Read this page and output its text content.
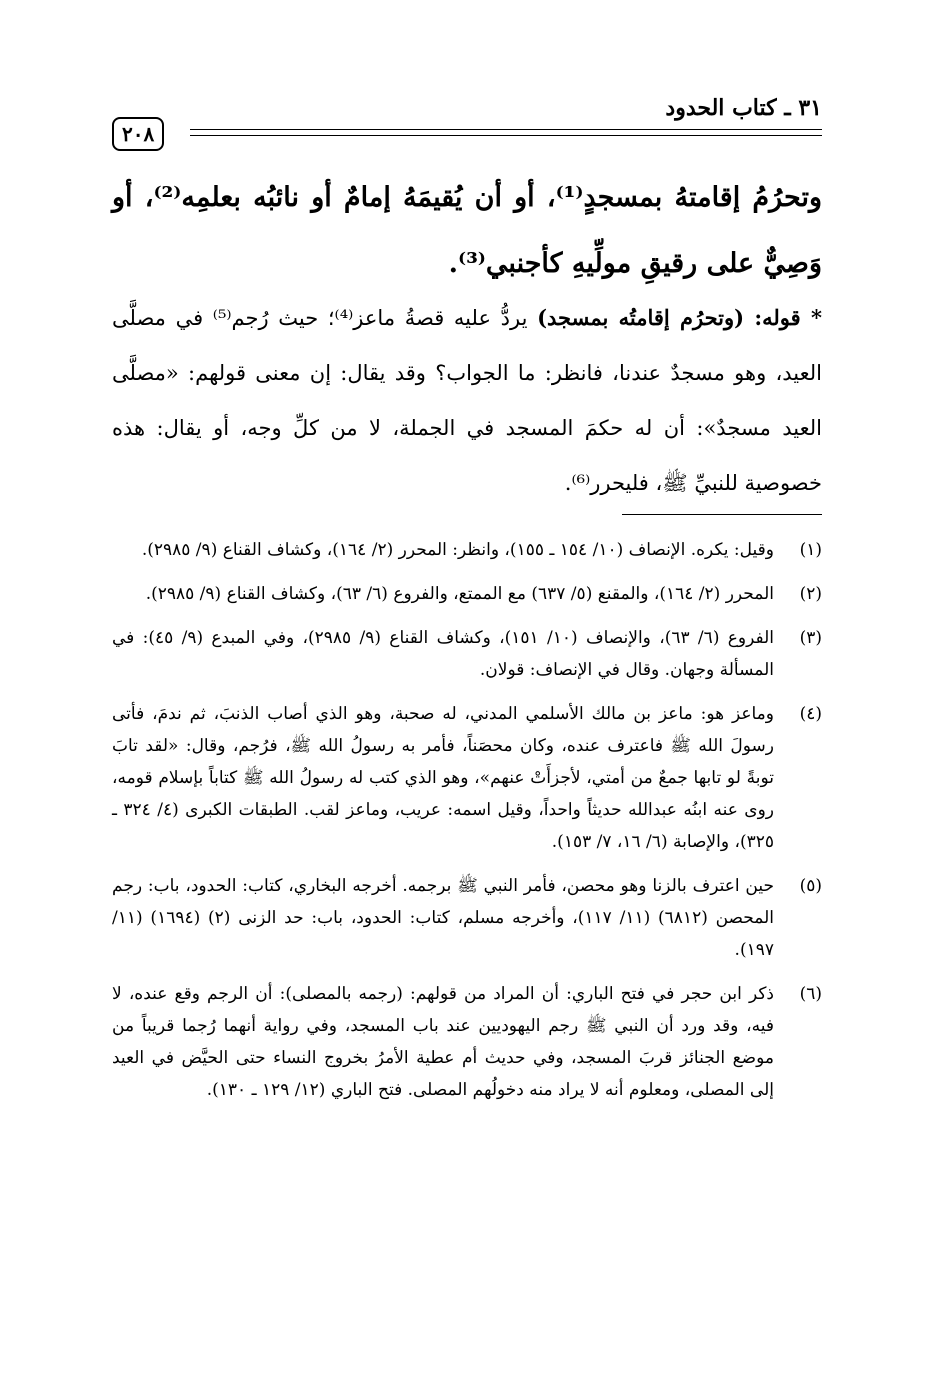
٣١ ـ كتاب الحدود
٢٠٨

وتحرُمُ إقامتهُ بمسجدٍ⁽¹⁾، أو أن يُقيمَهُ إمامٌ أو نائبُه بعلمِه⁽²⁾، أو وَصِيٌّ على رقيقِ مولِّيهِ كأجنبي⁽³⁾.

* قوله: (وتحرُم إقامتُه بمسجد) يردُّ عليه قصةُ ماعز⁽⁴⁾؛ حيث رُجم⁽⁵⁾ في مصلَّى العيد، وهو مسجدٌ عندنا، فانظر: ما الجواب؟ وقد يقال: إن معنى قولهم: «مصلَّى العيد مسجدٌ»: أن له حكمَ المسجد في الجملة، لا من كلِّ وجه، أو يقال: هذه خصوصية للنبيِّ ﷺ، فليحرر⁽⁶⁾.

(١)
وقيل: يكره. الإنصاف (١٠/ ١٥٤ ـ ١٥٥)، وانظر: المحرر (٢/ ١٦٤)، وكشاف القناع (٩/ ٢٩٨٥).
(٢)
المحرر (٢/ ١٦٤)، والمقنع (٥/ ٦٣٧) مع الممتع، والفروع (٦/ ٦٣)، وكشاف القناع (٩/ ٢٩٨٥).
(٣)
الفروع (٦/ ٦٣)، والإنصاف (١٠/ ١٥١)، وكشاف القناع (٩/ ٢٩٨٥)، وفي المبدع (٩/ ٤٥): في المسألة وجهان. وقال في الإنصاف: قولان.
(٤)
وماعز هو: ماعز بن مالك الأسلمي المدني، له صحبة، وهو الذي أصاب الذنبَ، ثم ندمَ، فأتى رسولَ الله ﷺ فاعترف عنده، وكان محصَناً، فأمر به رسولُ الله ﷺ، فرُجم، وقال: «لقد تابَ توبةً لو تابها جمعٌ من أمتي، لأجزأَتْ عنهم»، وهو الذي كتب له رسولُ الله ﷺ كتاباً بإسلام قومه، روى عنه ابنُه عبدالله حديثاً واحداً، وقيل اسمه: عريب، وماعز لقب. الطبقات الكبرى (٤/ ٣٢٤ ـ ٣٢٥)، والإصابة (٦/ ١٦، ٧/ ١٥٣).
(٥)
حين اعترف بالزنا وهو محصن، فأمر النبي ﷺ برجمه. أخرجه البخاري، كتاب: الحدود، باب: رجم المحصن (٦٨١٢) (١١/ ١١٧)، وأخرجه مسلم، كتاب: الحدود، باب: حد الزنى (٢) (١٦٩٤) (١١/ ١٩٧).
(٦)
ذكر ابن حجر في فتح الباري: أن المراد من قولهم: (رجمه بالمصلى): أن الرجم وقع عنده، لا فيه، وقد ورد أن النبي ﷺ رجم اليهوديين عند باب المسجد، وفي رواية أنهما رُجما قريباً من موضع الجنائز قربَ المسجد، وفي حديث أم عطية الأمرُ بخروج النساء حتى الحيَّض في العيد إلى المصلى، ومعلوم أنه لا يراد منه دخولُهم المصلى. فتح الباري (١٢/ ١٢٩ ـ ١٣٠).
